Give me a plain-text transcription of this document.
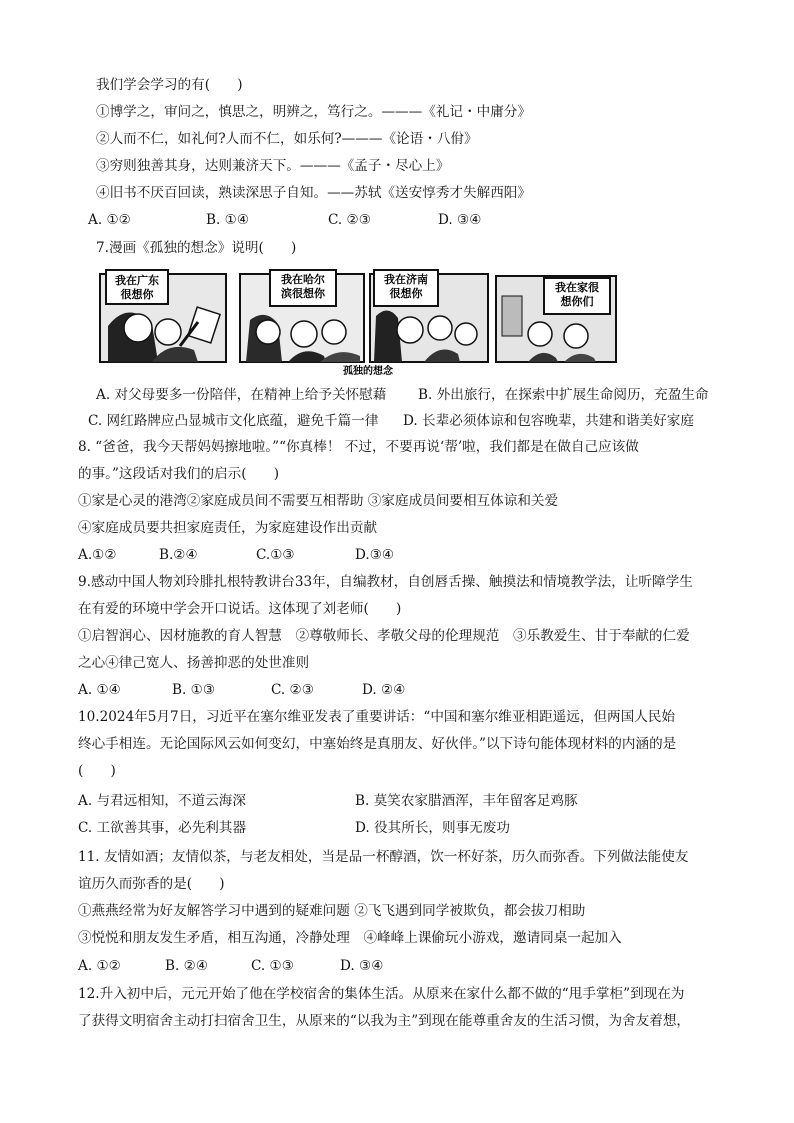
我们学会学习的有(　　)
①博学之，审问之，慎思之，明辨之，笃行之。———《礼记・中庸分》
②人而不仁，如礼何?人而不仁，如乐何?———《论语・八佾》
③穷则独善其身，达则兼济天下。———《孟子・尽心上》
④旧书不厌百回读，熟读深思子自知。——苏轼《送安惇秀才失解西阳》
A. ①②	B. ①④	C. ②③	D. ③④
7.漫画《孤独的想念》说明(　　)
我在广东很想你
我在哈尔滨很想你
我在济南很想你	我在家很想你们
孤独的想念
A. 对父母要多一份陪伴，在精神上给予关怀慰藉 B. 外出旅行，在探索中扩展生命阅历，充盈生命
C. 网红路牌应凸显城市文化底蕴，避免千篇一律 D. 长辈必须体谅和包容晚辈，共建和谐美好家庭
8. “爸爸，我今天帮妈妈擦地啦。”“你真棒！ 不过，不要再说‘帮’啦，我们都是在做自己应该做
的事。”这段话对我们的启示(　　)
①家是心灵的港湾②家庭成员间不需要互相帮助 ③家庭成员间要相互体谅和关爱
④家庭成员要共担家庭责任，为家庭建设作出贡献
A.①②	B.②④	C.①③	D.③④
9.感动中国人物刘玲腓扎根特教讲台33年，自编教材，自创唇舌操、触摸法和情境教学法，让听障学生
在有爱的环境中学会开口说话。这体现了刘老师(　　)
①启智润心、因材施教的育人智慧　②尊敬师长、孝敬父母的伦理规范　③乐教爱生、甘于奉献的仁爱
之心④律己宽人、扬善抑恶的处世准则
A. ①④	B. ①③	C. ②③	D. ②④
10.2024年5月7日，习近平在塞尔维亚发表了重要讲话：“中国和塞尔维亚相距遥远，但两国人民始
终心手相连。无论国际风云如何变幻，中塞始终是真朋友、好伙伴。”以下诗句能体现材料的内涵的是
(　　)
A. 与君远相知，不道云海深	B. 莫笑农家腊酒浑，丰年留客足鸡豚
C. 工欲善其事，必先利其器	D. 役其所长，则事无废功
11. 友情如酒；友情似茶，与老友相处，当是品一杯醇酒，饮一杯好茶，历久而弥香。下列做法能使友
谊历久而弥香的是(　　)
①燕燕经常为好友解答学习中遇到的疑难问题 ②飞飞遇到同学被欺负，都会拔刀相助
③悦悦和朋友发生矛盾，相互沟通，冷静处理　④峰峰上课偷玩小游戏，邀请同桌一起加入
A. ①②	B. ②④	C. ①③	D. ③④
12.升入初中后，元元开始了他在学校宿舍的集体生活。从原来在家什么都不做的“甩手掌柜”到现在为
了获得文明宿舍主动打扫宿舍卫生，从原来的“以我为主”到现在能尊重舍友的生活习惯，为舍友着想，
